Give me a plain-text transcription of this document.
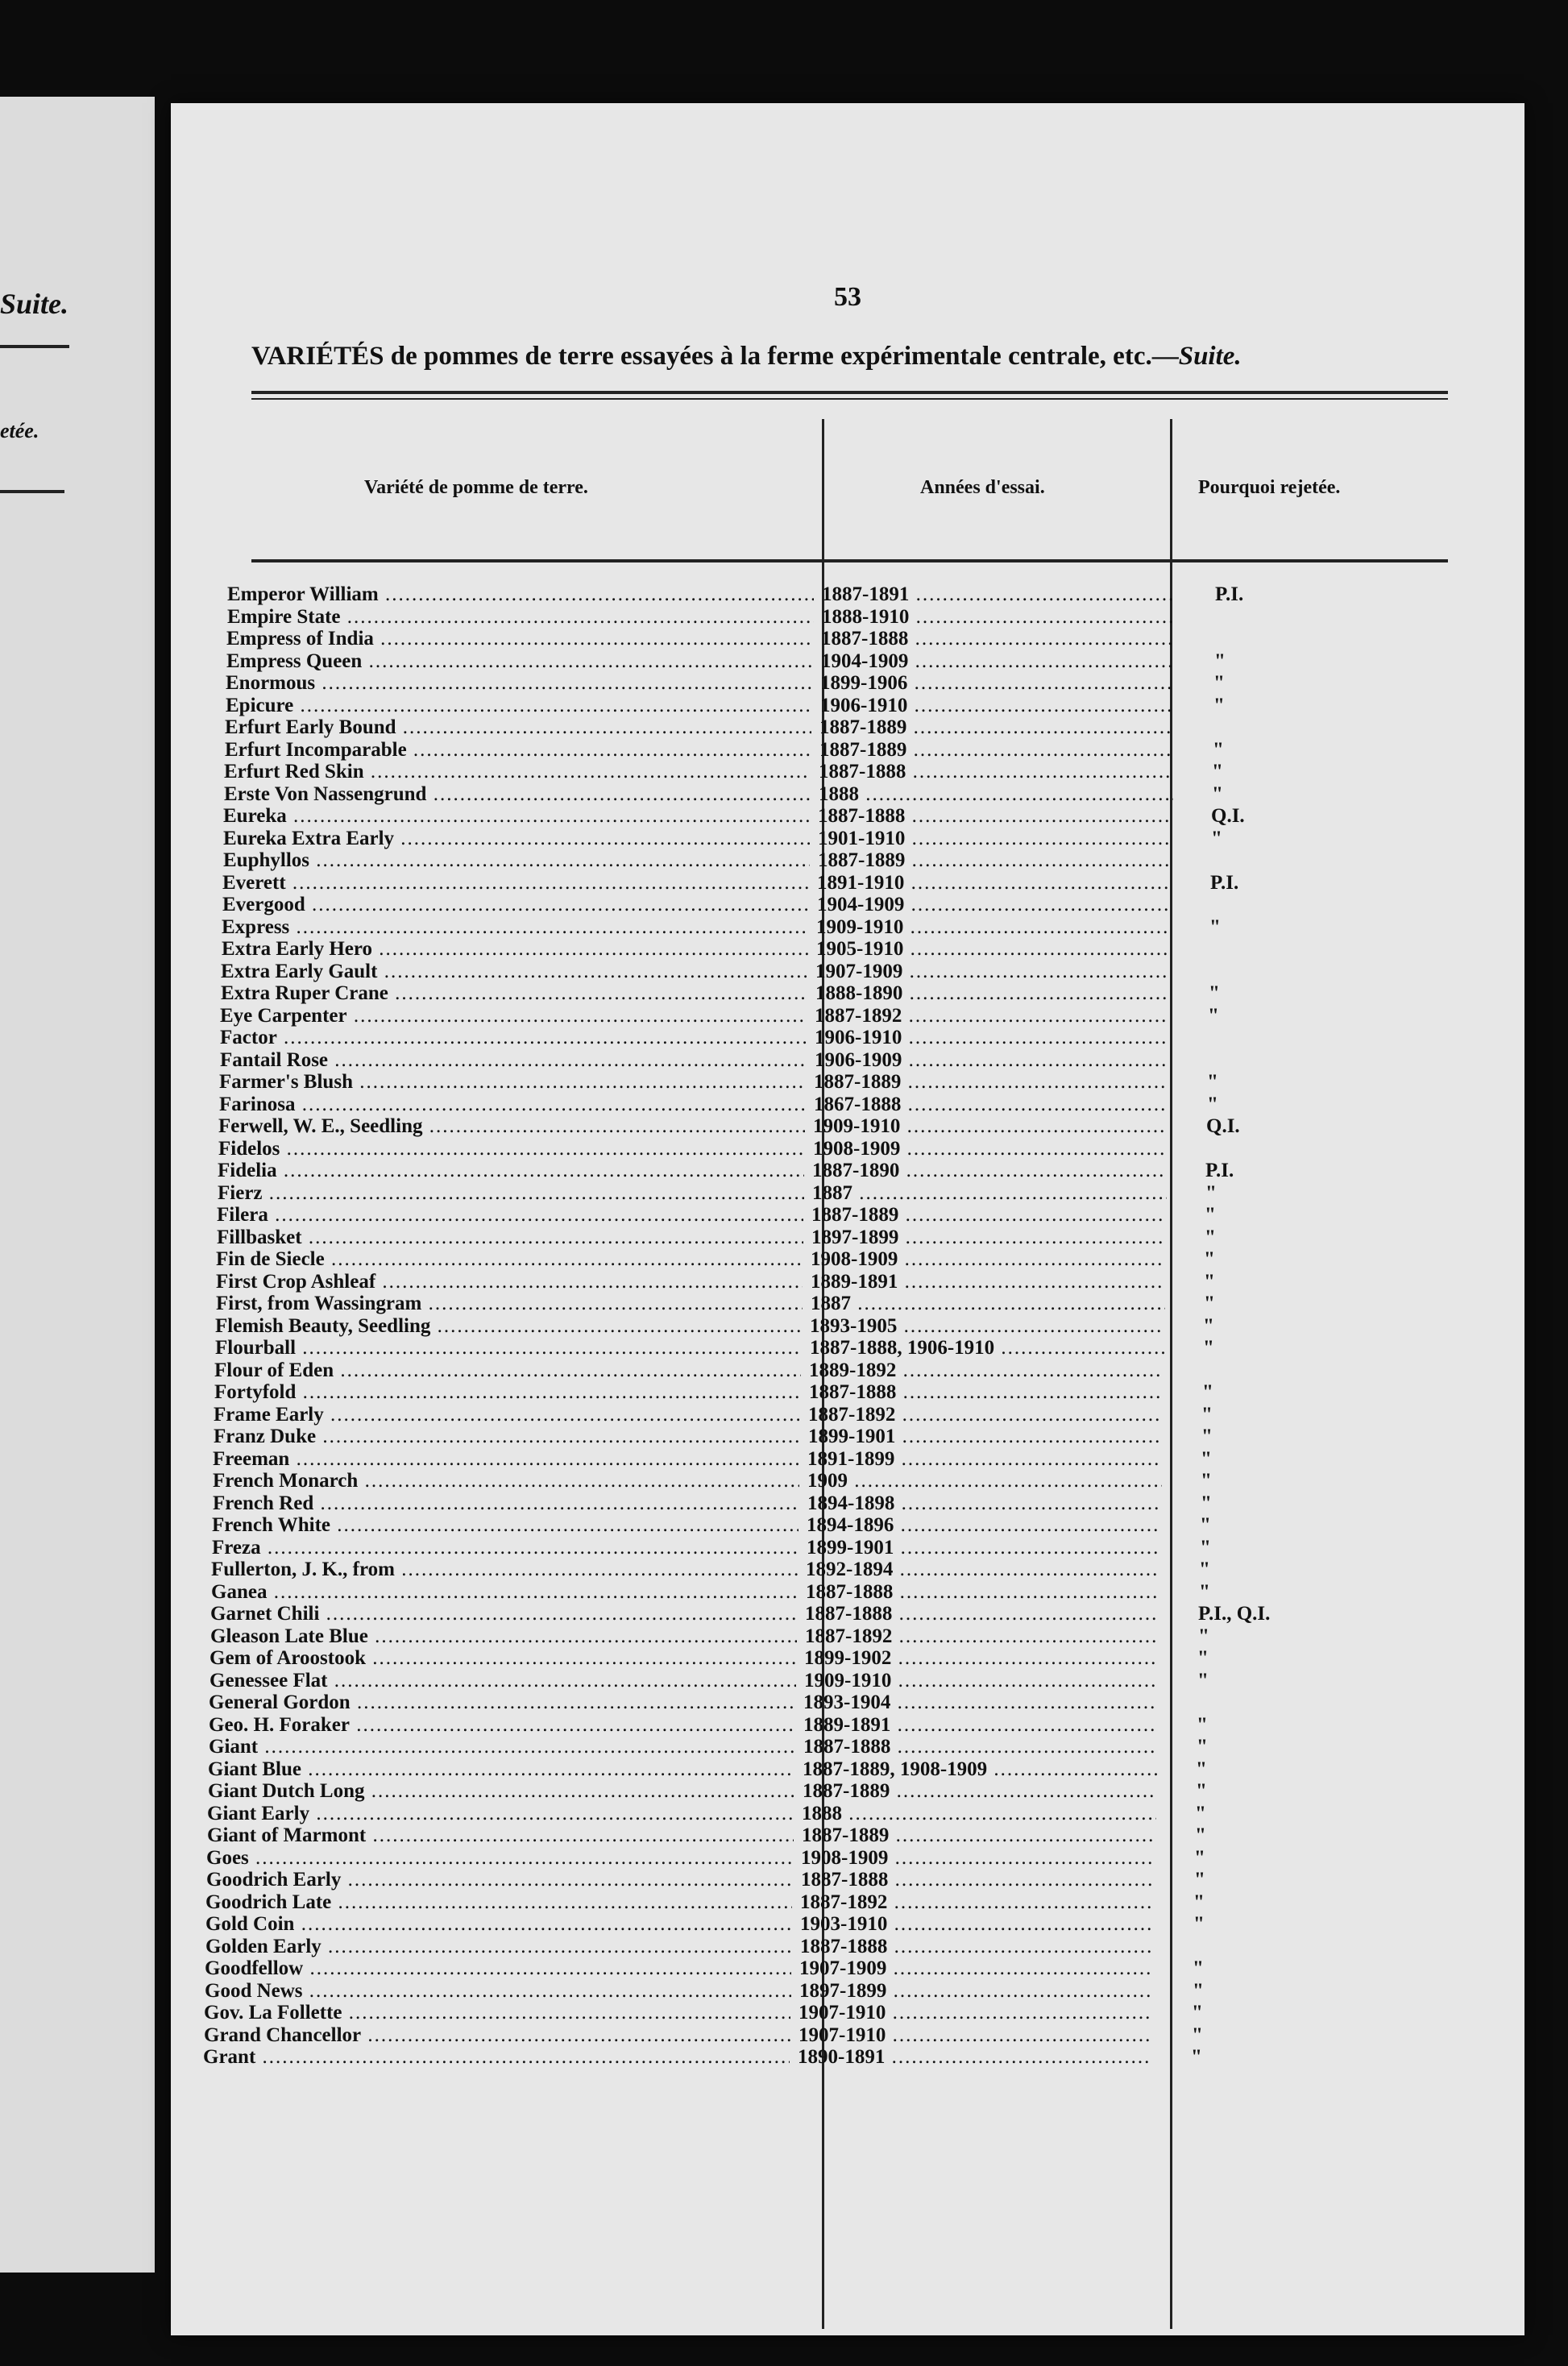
Suite.
etée.
53
VARIÉTÉS de pommes de terre essayées à la ferme expérimentale centrale, etc.—Suite.
Variété de pomme de terre.	Années d'essai.	Pourquoi rejetée.
Emperor William .....	1887-1891 .....	P.I.
Empire State .....	1888-1910 .....
Empress of India .....	1887-1888 .....
Empress Queen .....	1904-1909 .....	"
Enormous .....	1899-1906 .....	"
Epicure .....	1906-1910 .....	"
Erfurt Early Bound .....	1887-1889 .....
Erfurt Incomparable .....	1887-1889 .....	"
Erfurt Red Skin .....	1887-1888 .....	"
Erste Von Nassengrund .....	1888 .....	"
Eureka .....	1887-1888 .....	Q.I.
Eureka Extra Early .....	1901-1910 .....	"
Euphyllos .....	1887-1889 .....
Everett .....	1891-1910 .....	P.I.
Evergood .....	1904-1909 .....
Express .....	1909-1910 .....	"
Extra Early Hero .....	1905-1910 .....
Extra Early Gault .....	1907-1909 .....
Extra Ruper Crane .....	1888-1890 .....	"
Eye Carpenter .....	1887-1892 .....	"
Factor .....	1906-1910 .....
Fantail Rose .....	1906-1909 .....
Farmer's Blush .....	1887-1889 .....	"
Farinosa .....	1867-1888 .....	"
Ferwell, W. E., Seedling .....	1909-1910 .....	Q.I.
Fidelos .....	1908-1909 .....
Fidelia .....	1887-1890 .....	P.I.
Fierz .....	1887 .....	"
Filera .....	1887-1889 .....	"
Fillbasket .....	1897-1899 .....	"
Fin de Siecle .....	1908-1909 .....	"
First Crop Ashleaf .....	1889-1891 .....	"
First, from Wassingram .....	1887 .....	"
Flemish Beauty, Seedling .....	1893-1905 .....	"
Flourball .....	1887-1888, 1906-1910 .....	"
Flour of Eden .....	1889-1892 .....
Fortyfold .....	1887-1888 .....	"
Frame Early .....	1887-1892 .....	"
Franz Duke .....	1899-1901 .....	"
Freeman .....	1891-1899 .....	"
French Monarch .....	1909 .....	"
French Red .....	1894-1898 .....	"
French White .....	1894-1896 .....	"
Freza .....	1899-1901 .....	"
Fullerton, J. K., from .....	1892-1894 .....	"
Ganea .....	1887-1888 .....	"
Garnet Chili .....	1887-1888 .....	P.I., Q.I.
Gleason Late Blue .....	1887-1892 .....	"
Gem of Aroostook .....	1899-1902 .....	"
Genessee Flat .....	1909-1910 .....	"
General Gordon .....	1893-1904 .....
Geo. H. Foraker .....	1889-1891 .....	"
Giant .....	1887-1888 .....	"
Giant Blue .....	1887-1889, 1908-1909 .....	"
Giant Dutch Long .....	1887-1889 .....	"
Giant Early .....	1888 .....	"
Giant of Marmont .....	1887-1889 .....	"
Goes .....	1908-1909 .....	"
Goodrich Early .....	1887-1888 .....	"
Goodrich Late .....	1887-1892 .....	"
Gold Coin .....	1903-1910 .....	"
Golden Early .....	1887-1888 .....
Goodfellow .....	1907-1909 .....	"
Good News .....	1897-1899 .....	"
Gov. La Follette .....	1907-1910 .....	"
Grand Chancellor .....	1907-1910 .....	"
Grant .....	1890-1891 .....	"
